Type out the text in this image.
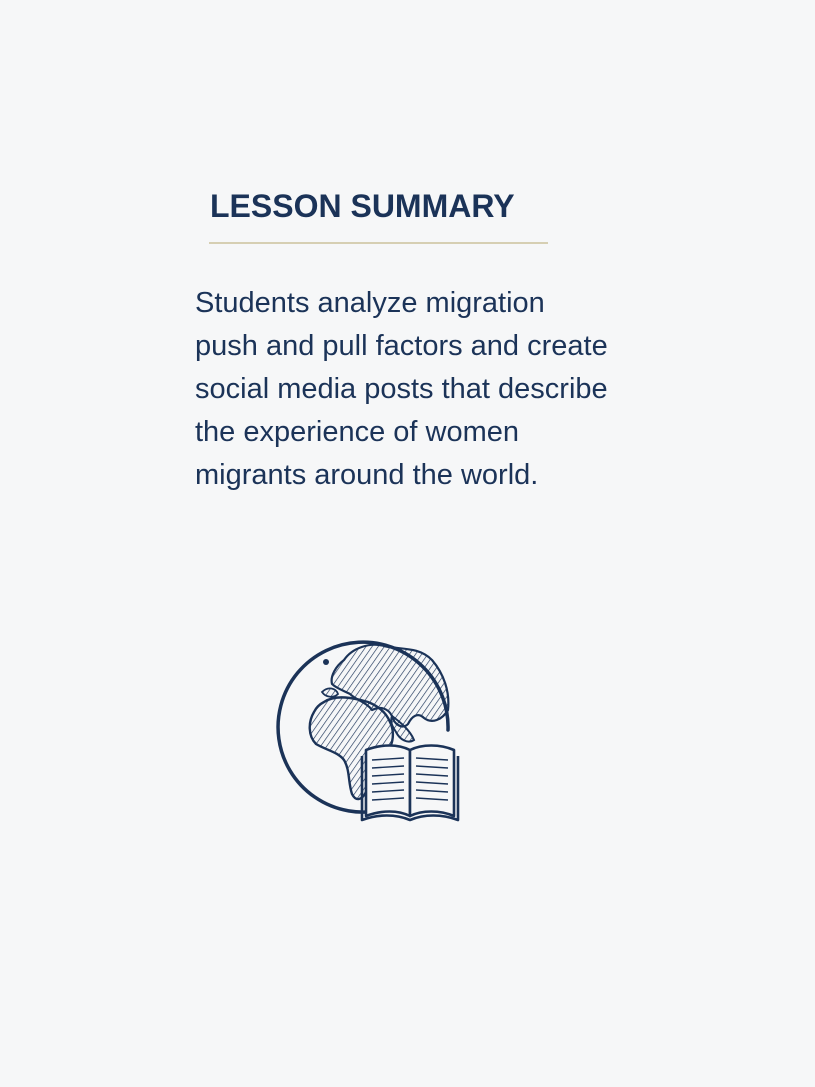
LESSON SUMMARY

Students analyze migration push and pull factors and create social media posts that describe the experience of women migrants around the world.
